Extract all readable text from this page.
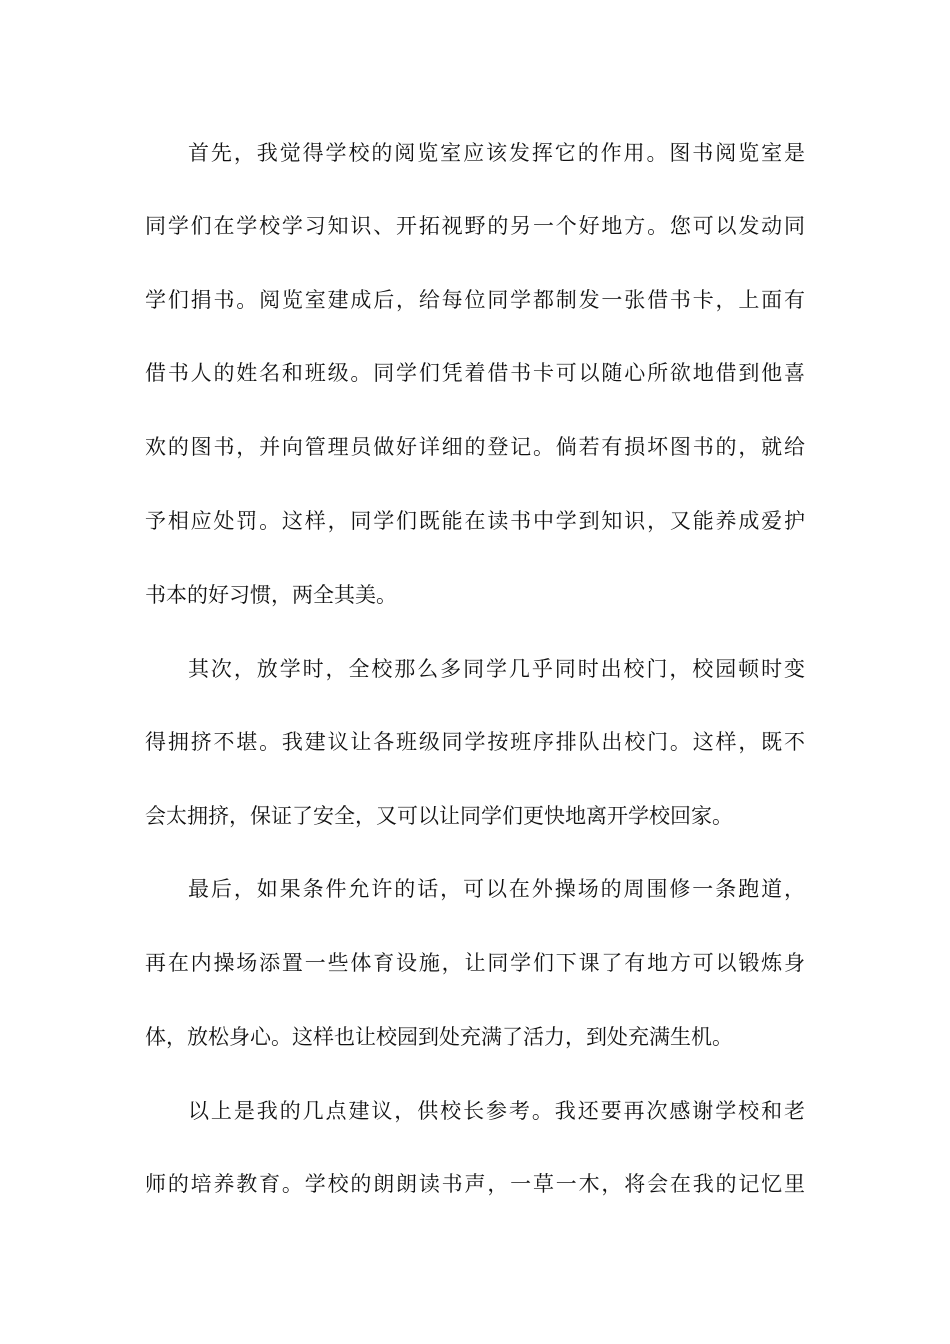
首先，我觉得学校的阅览室应该发挥它的作用。图书阅览室是
同学们在学校学习知识、开拓视野的另一个好地方。您可以发动同
学们捐书。阅览室建成后，给每位同学都制发一张借书卡，上面有
借书人的姓名和班级。同学们凭着借书卡可以随心所欲地借到他喜
欢的图书，并向管理员做好详细的登记。倘若有损坏图书的，就给
予相应处罚。这样，同学们既能在读书中学到知识，又能养成爱护
书本的好习惯，两全其美。
其次，放学时，全校那么多同学几乎同时出校门，校园顿时变
得拥挤不堪。我建议让各班级同学按班序排队出校门。这样，既不
会太拥挤，保证了安全，又可以让同学们更快地离开学校回家。
最后，如果条件允许的话，可以在外操场的周围修一条跑道，
再在内操场添置一些体育设施，让同学们下课了有地方可以锻炼身
体，放松身心。这样也让校园到处充满了活力，到处充满生机。
以上是我的几点建议，供校长参考。我还要再次感谢学校和老
师的培养教育。学校的朗朗读书声，一草一木，将会在我的记忆里
